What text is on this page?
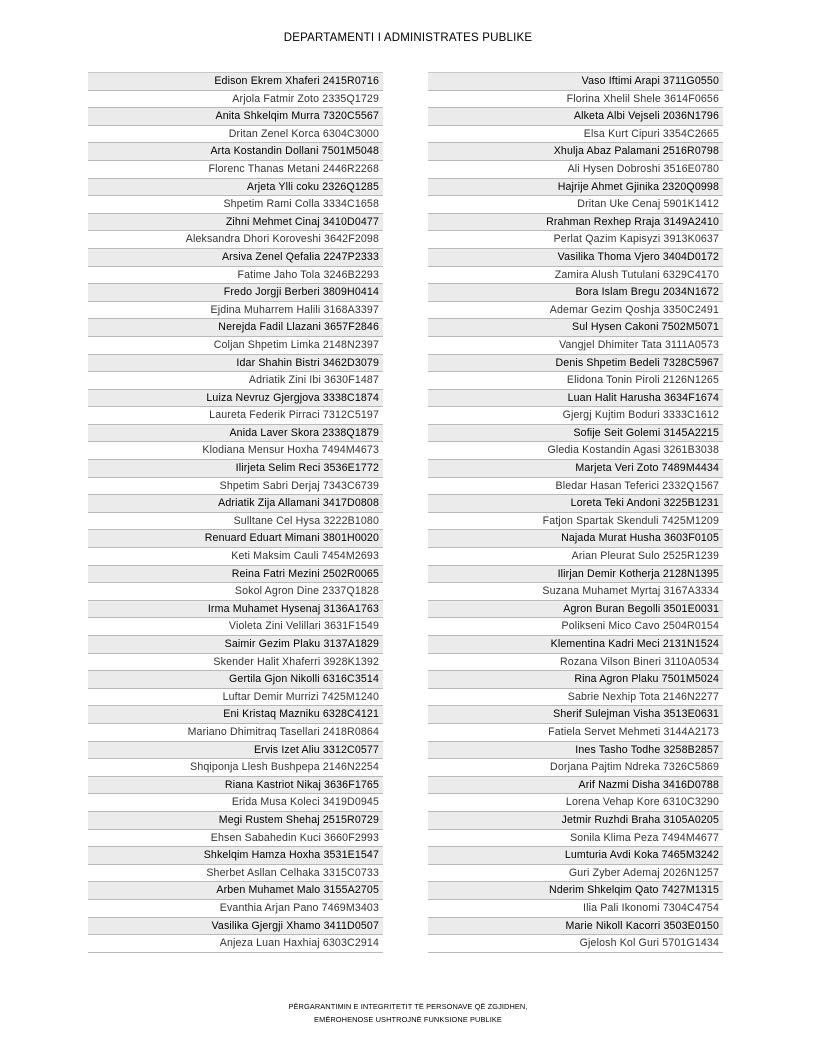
DEPARTAMENTI I ADMINISTRATES PUBLIKE
Edison Ekrem Xhaferi 2415R0716
Arjola Fatmir Zoto 2335Q1729
Anita Shkelqim Murra 7320C5567
Dritan Zenel Korca 6304C3000
Arta Kostandin Dollani 7501M5048
Florenc Thanas Metani 2446R2268
Arjeta Ylli coku 2326Q1285
Shpetim Rami Colla 3334C1658
Zihni Mehmet Cinaj 3410D0477
Aleksandra Dhori Koroveshi 3642F2098
Arsiva Zenel Qefalia 2247P2333
Fatime Jaho Tola 3246B2293
Fredo Jorgji Berberi 3809H0414
Ejdina Muharrem Halili 3168A3397
Nerejda Fadil Llazani 3657F2846
Coljan Shpetim Limka 2148N2397
Idar Shahin Bistri 3462D3079
Adriatik Zini Ibi 3630F1487
Luiza Nevruz Gjergjova 3338C1874
Laureta Federik Pirraci 7312C5197
Anida Laver Skora 2338Q1879
Klodiana Mensur Hoxha 7494M4673
Ilirjeta Selim Reci 3536E1772
Shpetim Sabri Derjaj 7343C6739
Adriatik Zija Allamani 3417D0808
Sulltane Cel Hysa 3222B1080
Renuard Eduart Mimani 3801H0020
Keti Maksim Cauli 7454M2693
Reina Fatri Mezini 2502R0065
Sokol Agron Dine 2337Q1828
Irma Muhamet Hysenaj 3136A1763
Violeta Zini Velillari 3631F1549
Saimir Gezim Plaku 3137A1829
Skender Halit Xhaferri 3928K1392
Gertila Gjon Nikolli 6316C3514
Luftar Demir Murrizi 7425M1240
Eni Kristaq Mazniku 6328C4121
Mariano Dhimitraq Tasellari 2418R0864
Ervis Izet Aliu 3312C0577
Shqiponja Llesh Bushpepa 2146N2254
Riana Kastriot Nikaj 3636F1765
Erida Musa Koleci 3419D0945
Megi Rustem Shehaj 2515R0729
Ehsen Sabahedin Kuci 3660F2993
Shkelqim Hamza Hoxha 3531E1547
Sherbet Asllan Celhaka 3315C0733
Arben Muhamet Malo 3155A2705
Evanthia Arjan Pano 7469M3403
Vasilika Gjergji Xhamo 3411D0507
Anjeza Luan Haxhiaj 6303C2914
Vaso Iftimi Arapi 3711G0550
Florina Xhelil Shele 3614F0656
Alketa Albi Vejseli 2036N1796
Elsa Kurt Cipuri 3354C2665
Xhulja Abaz Palamani 2516R0798
Ali Hysen Dobroshi 3516E0780
Hajrije Ahmet Gjinika 2320Q0998
Dritan Uke Cenaj 5901K1412
Rrahman Rexhep Rraja 3149A2410
Perlat Qazim Kapisyzi 3913K0637
Vasilika Thoma Vjero 3404D0172
Zamira Alush Tutulani 6329C4170
Bora Islam Bregu 2034N1672
Ademar Gezim Qoshja 3350C2491
Sul Hysen Cakoni 7502M5071
Vangjel Dhimiter Tata 3111A0573
Denis Shpetim Bedeli 7328C5967
Elidona Tonin Piroli 2126N1265
Luan Halit Harusha 3634F1674
Gjergj Kujtim Boduri 3333C1612
Sofije Seit Golemi 3145A2215
Gledia Kostandin Agasi 3261B3038
Marjeta Veri Zoto 7489M4434
Bledar Hasan Teferici 2332Q1567
Loreta Teki Andoni 3225B1231
Fatjon Spartak Skenduli 7425M1209
Najada Murat Husha 3603F0105
Arian Pleurat Sulo 2525R1239
Ilirjan Demir Kotherja 2128N1395
Suzana Muhamet Myrtaj 3167A3334
Agron Buran Begolli 3501E0031
Polikseni Mico Cavo 2504R0154
Klementina Kadri Meci 2131N1524
Rozana Vilson Bineri 3110A0534
Rina Agron Plaku 7501M5024
Sabrie Nexhip Tota 2146N2277
Sherif Sulejman Visha 3513E0631
Fatiela Servet Mehmeti 3144A2173
Ines Tasho Todhe 3258B2857
Dorjana Pajtim Ndreka 7326C5869
Arif Nazmi Disha 3416D0788
Lorena Vehap Kore 6310C3290
Jetmir Ruzhdi Braha 3105A0205
Sonila Klima Peza 7494M4677
Lumturia Avdi Koka 7465M3242
Guri Zyber Ademaj 2026N1257
Nderim Shkelqim Qato 7427M1315
Ilia Pali Ikonomi 7304C4754
Marie Nikoll Kacorri 3503E0150
Gjelosh Kol Guri 5701G1434
PËRGARANTIMIN E INTEGRITETIT TË PERSONAVE QË ZGJIDHEN,
EMËROHENOSE USHTROJNË FUNKSIONE PUBLIKE
